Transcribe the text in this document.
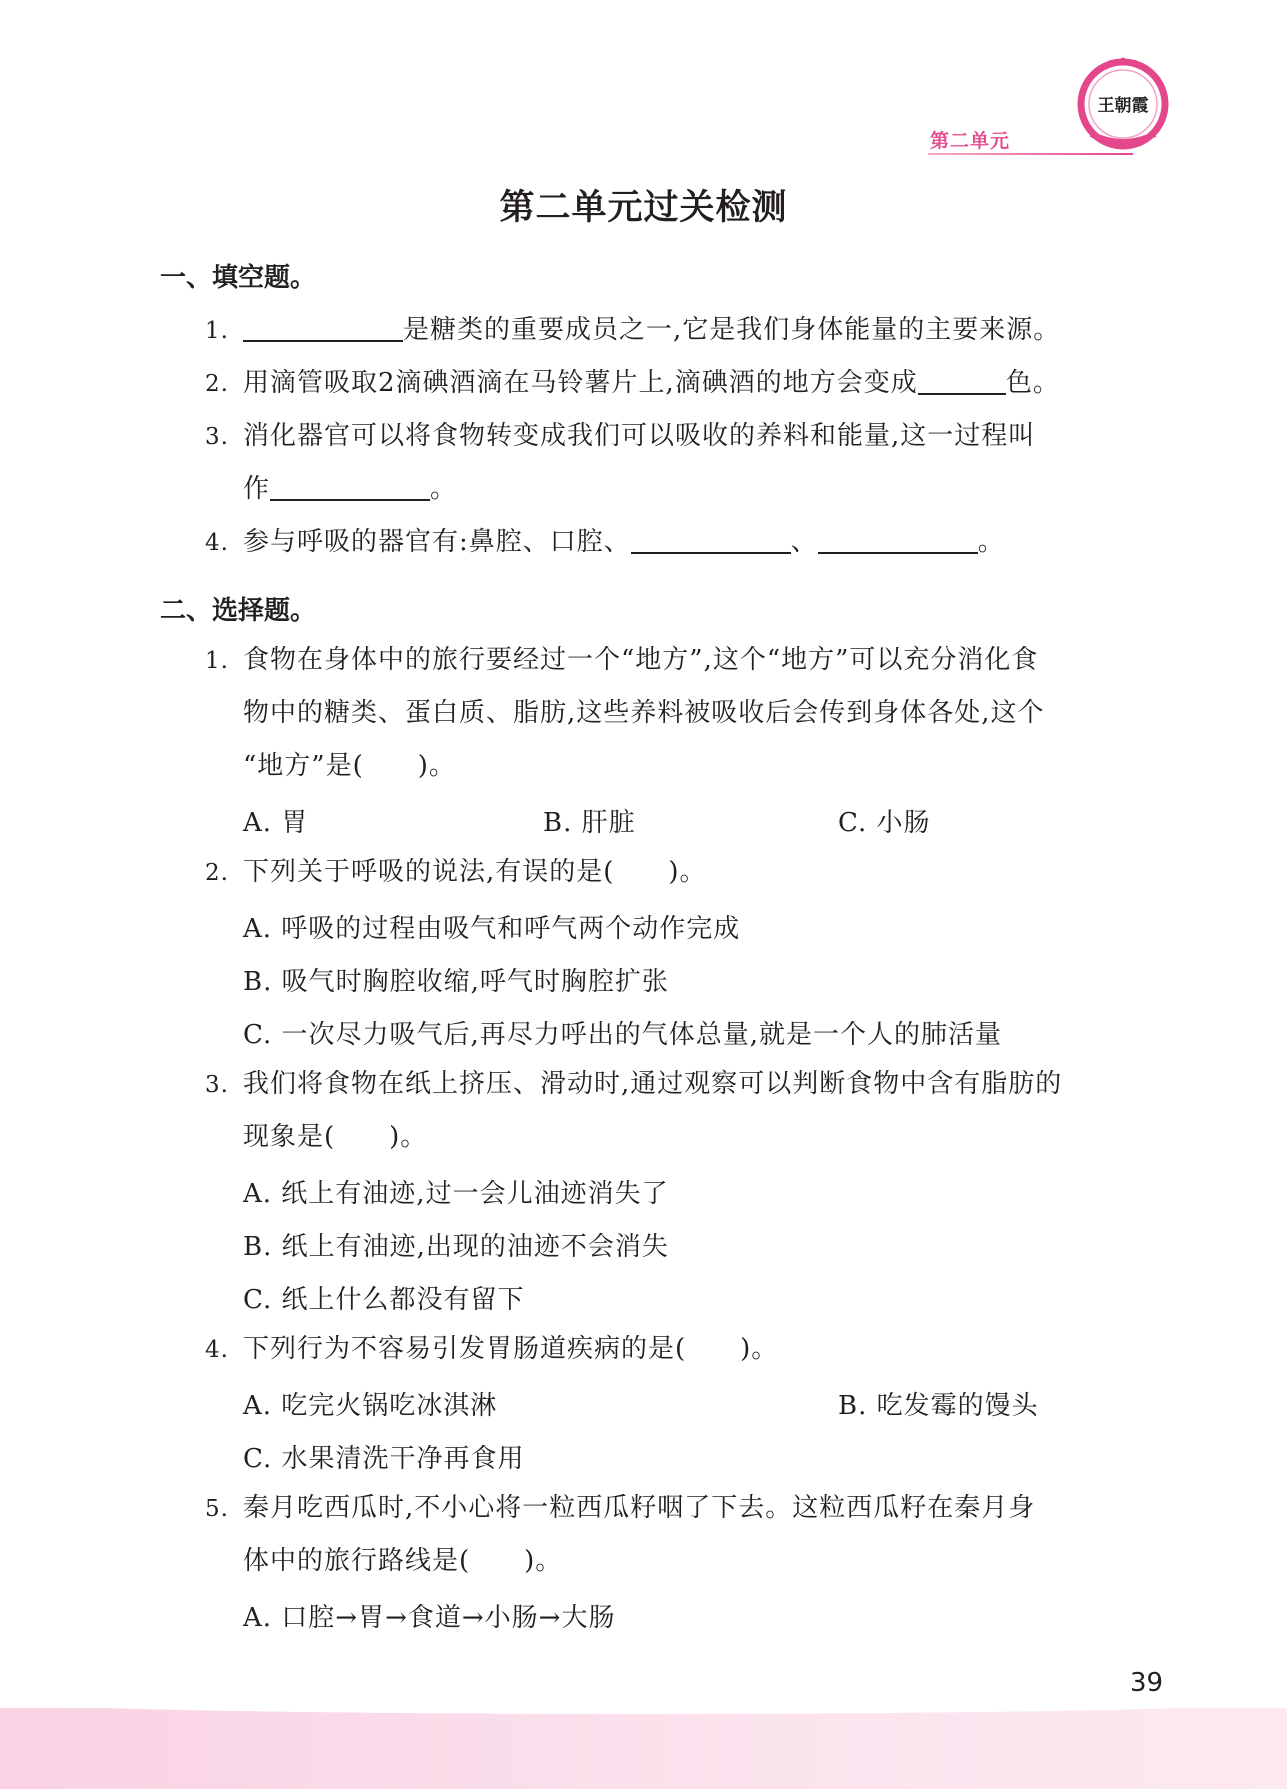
第二单元
王朝霞
第二单元过关检测
一、填空题。
1.	是糖类的重要成员之一,它是我们身体能量的主要来源。
2. 用滴管吸取2滴碘酒滴在马铃薯片上,滴碘酒的地方会变成	色。
3. 消化器官可以将食物转变成我们可以吸收的养料和能量,这一过程叫
作	。
4. 参与呼吸的器官有:鼻腔、口腔、	、	。
二、选择题。
1. 食物在身体中的旅行要经过一个“地方”,这个“地方”可以充分消化食
物中的糖类、蛋白质、脂肪,这些养料被吸收后会传到身体各处,这个
“地方”是(　　)。
A. 胃	B. 肝脏	C. 小肠
2. 下列关于呼吸的说法,有误的是(　　)。
A. 呼吸的过程由吸气和呼气两个动作完成
B. 吸气时胸腔收缩,呼气时胸腔扩张
C. 一次尽力吸气后,再尽力呼出的气体总量,就是一个人的肺活量
3. 我们将食物在纸上挤压、滑动时,通过观察可以判断食物中含有脂肪的
现象是(　　)。
A. 纸上有油迹,过一会儿油迹消失了
B. 纸上有油迹,出现的油迹不会消失
C. 纸上什么都没有留下
4. 下列行为不容易引发胃肠道疾病的是(　　)。
A. 吃完火锅吃冰淇淋	B. 吃发霉的馒头
C. 水果清洗干净再食用
5. 秦月吃西瓜时,不小心将一粒西瓜籽咽了下去。这粒西瓜籽在秦月身
体中的旅行路线是(　　)。
A. 口腔→胃→食道→小肠→大肠
39
